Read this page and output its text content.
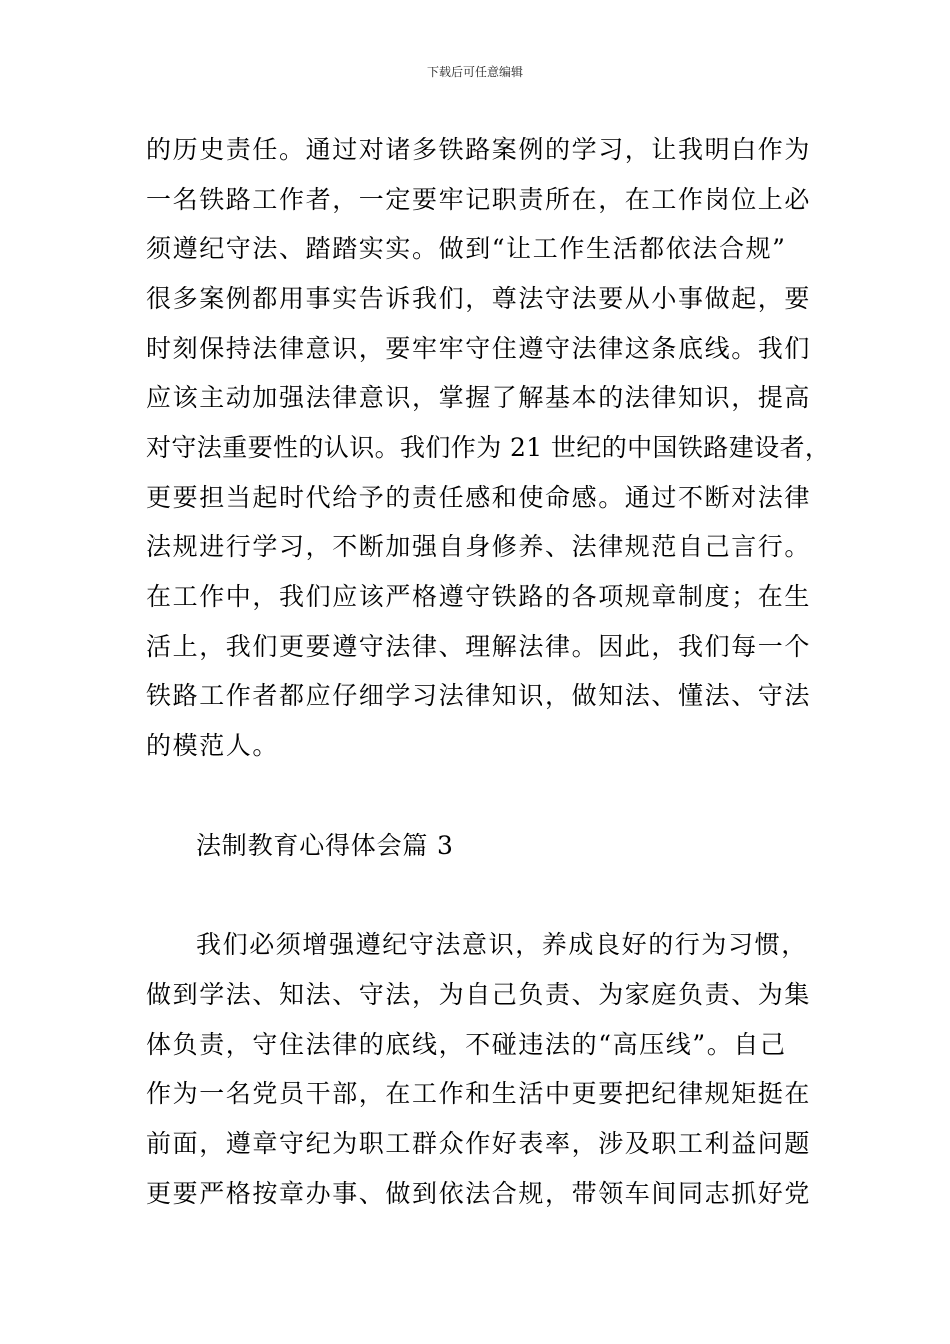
下载后可任意编辑
的历史责任。通过对诸多铁路案例的学习，让我明白作为
一名铁路工作者，一定要牢记职责所在，在工作岗位上必
须遵纪守法、踏踏实实。做到“让工作生活都依法合规”
很多案例都用事实告诉我们，尊法守法要从小事做起，要
时刻保持法律意识，要牢牢守住遵守法律这条底线。我们
应该主动加强法律意识，掌握了解基本的法律知识，提高
对守法重要性的认识。我们作为 21 世纪的中国铁路建设者，
更要担当起时代给予的责任感和使命感。通过不断对法律
法规进行学习，不断加强自身修养、法律规范自己言行。
在工作中，我们应该严格遵守铁路的各项规章制度；在生
活上，我们更要遵守法律、理解法律。因此，我们每一个
铁路工作者都应仔细学习法律知识，做知法、懂法、守法
的模范人。
法制教育心得体会篇 3
我们必须增强遵纪守法意识，养成良好的行为习惯，
做到学法、知法、守法，为自己负责、为家庭负责、为集
体负责，守住法律的底线，不碰违法的“高压线”。自己
作为一名党员干部，在工作和生活中更要把纪律规矩挺在
前面，遵章守纪为职工群众作好表率，涉及职工利益问题
更要严格按章办事、做到依法合规，带领车间同志抓好党
